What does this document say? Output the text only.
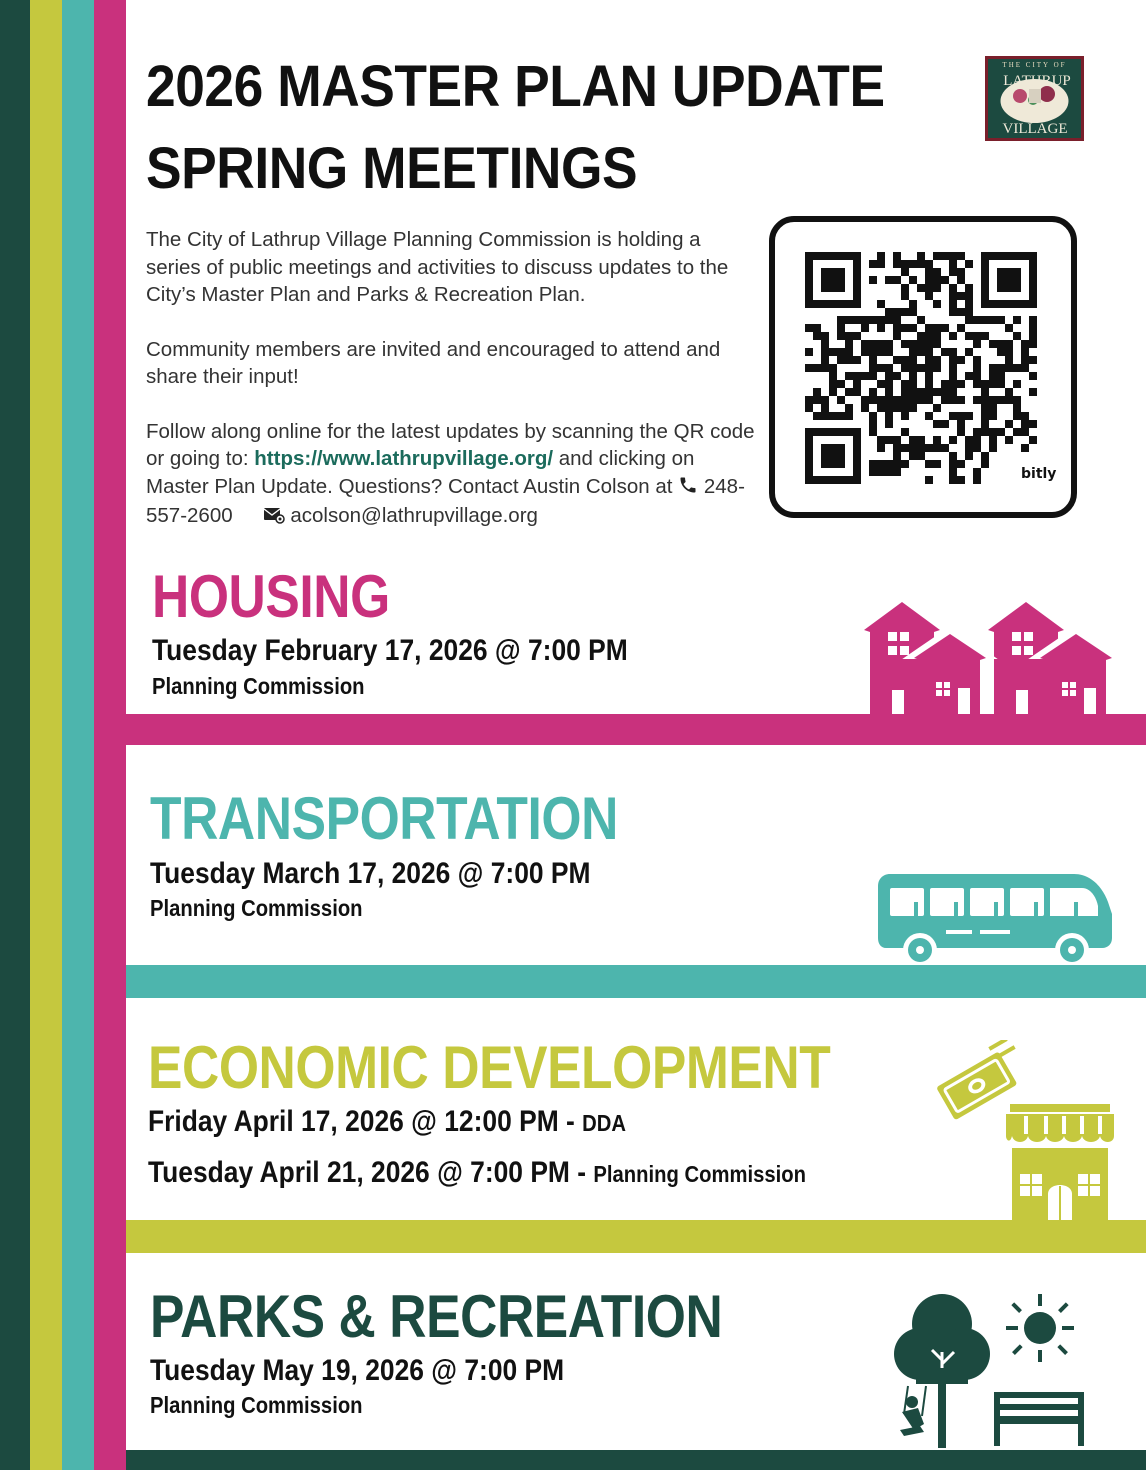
2026 MASTER PLAN UPDATE
SPRING MEETINGS
THE CITY OF
LATHRUP
VILLAGE

The City of Lathrup Village Planning Commission is holding a series of public meetings and activities to discuss updates to the City’s Master Plan and Parks & Recreation Plan.

Community members are invited and encouraged to attend and share their input!

Follow along online for the latest updates by scanning the QR code or going to: https://www.lathrupvillage.org/ and clicking on Master Plan Update. Questions? Contact Austin Colson at  248-557-2600	acolson@lathrupvillage.org

bitly
HOUSING
Tuesday February 17, 2026 @ 7:00 PM
Planning Commission
TRANSPORTATION
Tuesday March 17, 2026 @ 7:00 PM
Planning Commission
ECONOMIC DEVELOPMENT
Friday April 17, 2026 @ 12:00 PM - DDA
Tuesday April 21, 2026 @ 7:00 PM - Planning Commission
PARKS & RECREATION
Tuesday May 19, 2026 @ 7:00 PM
Planning Commission
